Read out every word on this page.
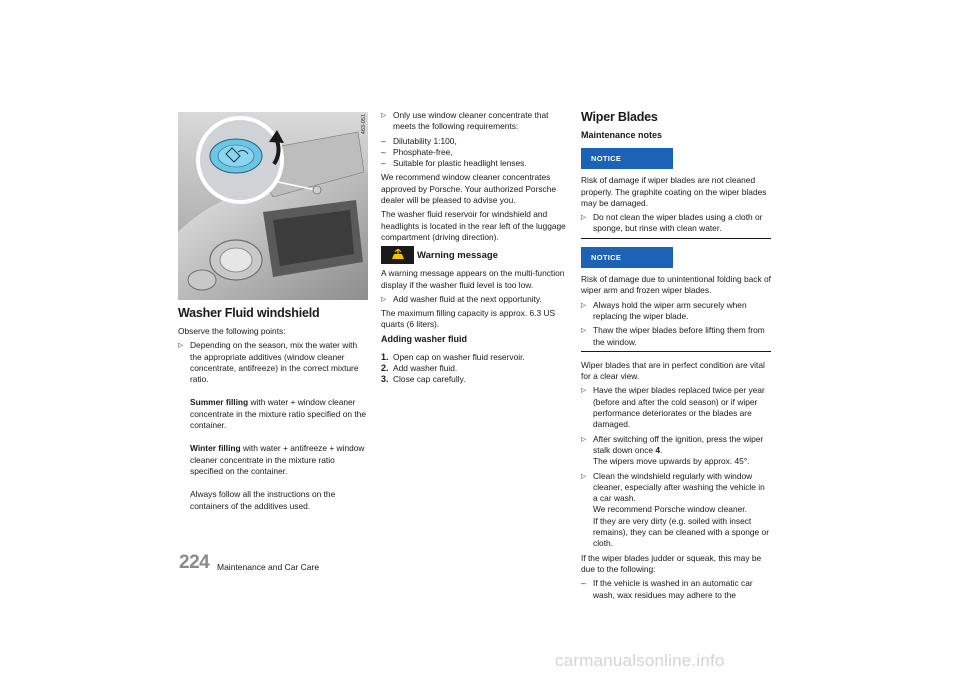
463-051
Washer Fluid windshield

Observe the following points:

▷ Depending on the season, mix the water with the appropriate additives (window cleaner concentrate, antifreeze) in the correct mixture ratio.

Summer filling with water + window cleaner concentrate in the mixture ratio specified on the container.

Winter filling with water + antifreeze + window cleaner concentrate in the mixture ratio specified on the container.

Always follow all the instructions on the containers of the additives used.

▷ Only use window cleaner concentrate that meets the following requirements:

– Dilutability 1:100,

– Phosphate-free,

– Suitable for plastic headlight lenses.

We recommend window cleaner concentrates approved by Porsche. Your authorized Porsche dealer will be pleased to advise you.

The washer fluid reservoir for windshield and headlights is located in the rear left of the luggage compartment (driving direction).

Warning message

A warning message appears on the multi-function display if the washer fluid level is too low.

▷ Add washer fluid at the next opportunity.

The maximum filling capacity is approx. 6.3 US quarts (6 liters).

Adding washer fluid

1. Open cap on washer fluid reservoir.

2. Add washer fluid.

3. Close cap carefully.

Wiper Blades
Maintenance notes
NOTICE

Risk of damage if wiper blades are not cleaned properly. The graphite coating on the wiper blades may be damaged.

▷ Do not clean the wiper blades using a cloth or sponge, but rinse with clean water.

NOTICE

Risk of damage due to unintentional folding back of wiper arm and frozen wiper blades.

▷ Always hold the wiper arm securely when replacing the wiper blade.

▷ Thaw the wiper blades before lifting them from the window.

Wiper blades that are in perfect condition are vital for a clear view.

▷ Have the wiper blades replaced twice per year (before and after the cold season) or if wiper performance deteriorates or the blades are damaged.

▷ After switching off the ignition, press the wiper stalk down once 4.

The wipers move upwards by approx. 45°.

▷ Clean the windshield regularly with window cleaner, especially after washing the vehicle in a car wash.

We recommend Porsche window cleaner.

If they are very dirty (e.g. soiled with insect remains), they can be cleaned with a sponge or cloth.

If the wiper blades judder or squeak, this may be due to the following:

– If the vehicle is washed in an automatic car wash, wax residues may adhere to the

224 Maintenance and Car Care
carmanualsonline.info
